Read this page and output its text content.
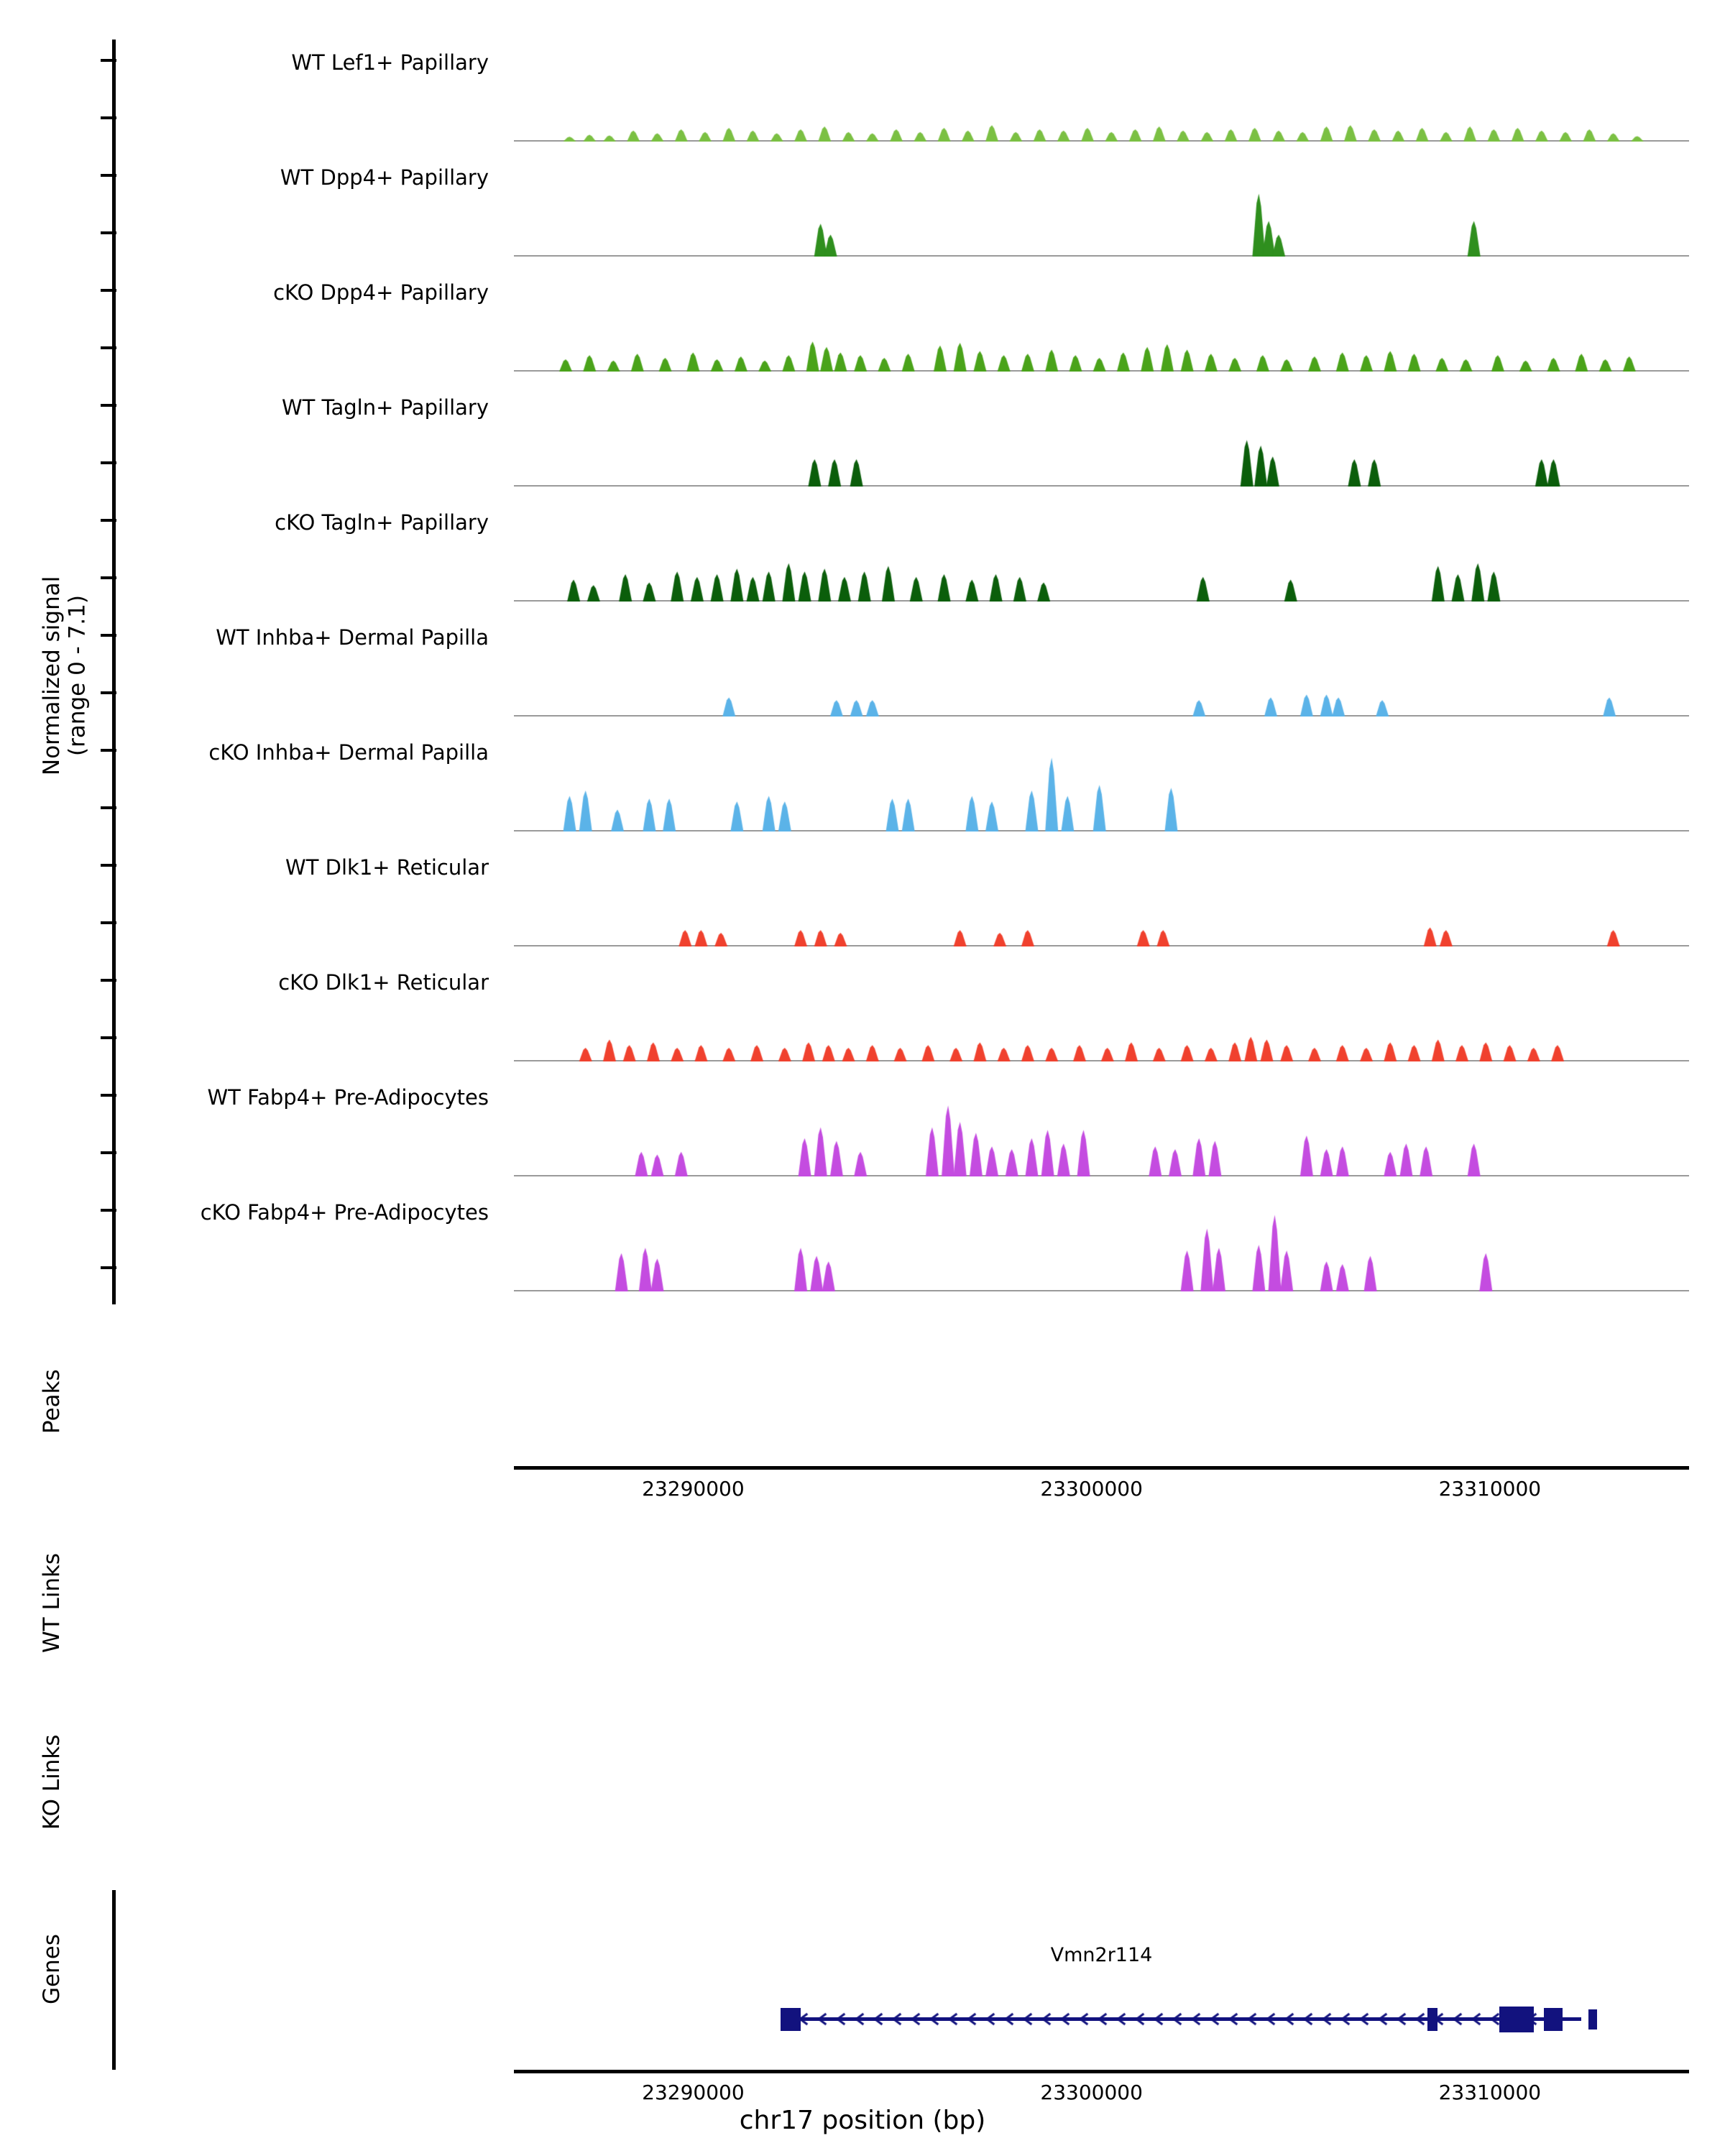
Normalized signal
(range 0 - 7.1)
WT Lef1+ Papillary
WT Dpp4+ Papillary
cKO Dpp4+ Papillary
WT Tagln+ Papillary
cKO Tagln+ Papillary
WT Inhba+ Dermal Papilla
cKO Inhba+ Dermal Papilla
WT Dlk1+ Reticular
cKO Dlk1+ Reticular
WT Fabp4+ Pre-Adipocytes
cKO Fabp4+ Pre-Adipocytes
Peaks
23290000	23300000	23310000
WT Links
KO Links
Genes	Vmn2r114
23290000	23300000	23310000
chr17 position (bp)
